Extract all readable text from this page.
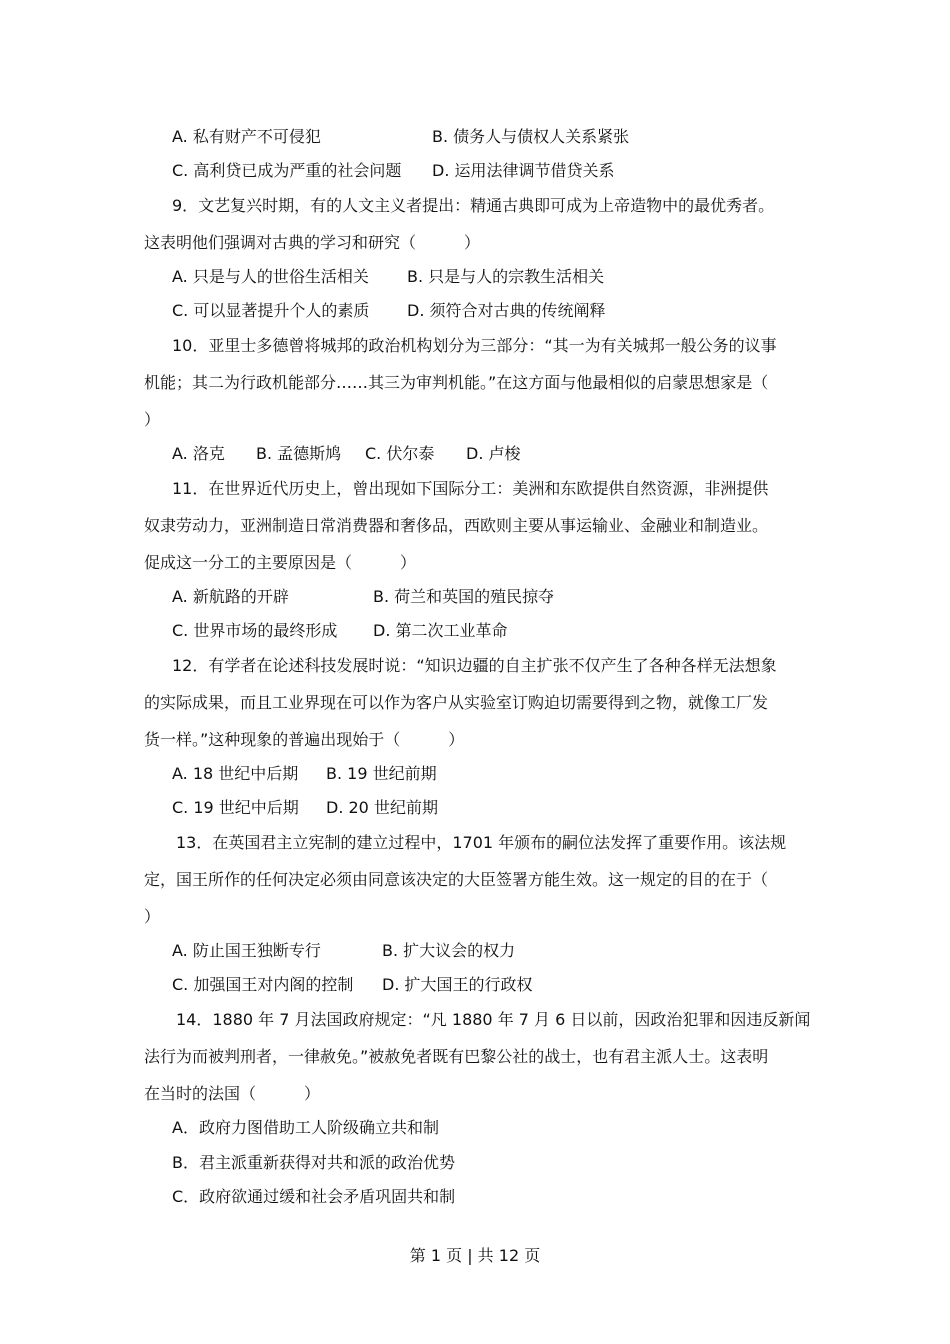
A. 私有财产不可侵犯	B. 债务人与债权人关系紧张
C. 高利贷已成为严重的社会问题 D. 运用法律调节借贷关系
9．文艺复兴时期，有的人文主义者提出：精通古典即可成为上帝造物中的最优秀者。
这表明他们强调对古典的学习和研究（　　　）
A. 只是与人的世俗生活相关 B. 只是与人的宗教生活相关
C. 可以显著提升个人的素质 D. 须符合对古典的传统阐释
10．亚里士多德曾将城邦的政治机构划分为三部分：“其一为有关城邦一般公务的议事
机能；其二为行政机能部分……其三为审判机能。”在这方面与他最相似的启蒙思想家是（
）
A. 洛克 B. 孟德斯鸠 C. 伏尔泰 D. 卢梭
11．在世界近代历史上，曾出现如下国际分工：美洲和东欧提供自然资源，非洲提供
奴隶劳动力，亚洲制造日常消费器和奢侈品，西欧则主要从事运输业、金融业和制造业。
促成这一分工的主要原因是（　　　）
A. 新航路的开辟	B. 荷兰和英国的殖民掠夺
C. 世界市场的最终形成 D. 第二次工业革命
12．有学者在论述科技发展时说：“知识边疆的自主扩张不仅产生了各种各样无法想象
的实际成果，而且工业界现在可以作为客户从实验室订购迫切需要得到之物，就像工厂发
货一样。”这种现象的普遍出现始于（　　　）
A. 18 世纪中后期 B. 19 世纪前期
C. 19 世纪中后期 D. 20 世纪前期
13．在英国君主立宪制的建立过程中，1701 年颁布的嗣位法发挥了重要作用。该法规
定，国王所作的任何决定必须由同意该决定的大臣签署方能生效。这一规定的目的在于（
）
A. 防止国王独断专行	B. 扩大议会的权力
C. 加强国王对内阁的控制 D. 扩大国王的行政权
14．1880 年 7 月法国政府规定：“凡 1880 年 7 月 6 日以前，因政治犯罪和因违反新闻
法行为而被判刑者，一律赦免。”被赦免者既有巴黎公社的战士，也有君主派人士。这表明
在当时的法国（　　　）
A．政府力图借助工人阶级确立共和制
B．君主派重新获得对共和派的政治优势
C．政府欲通过缓和社会矛盾巩固共和制
第 1 页 | 共 12 页
